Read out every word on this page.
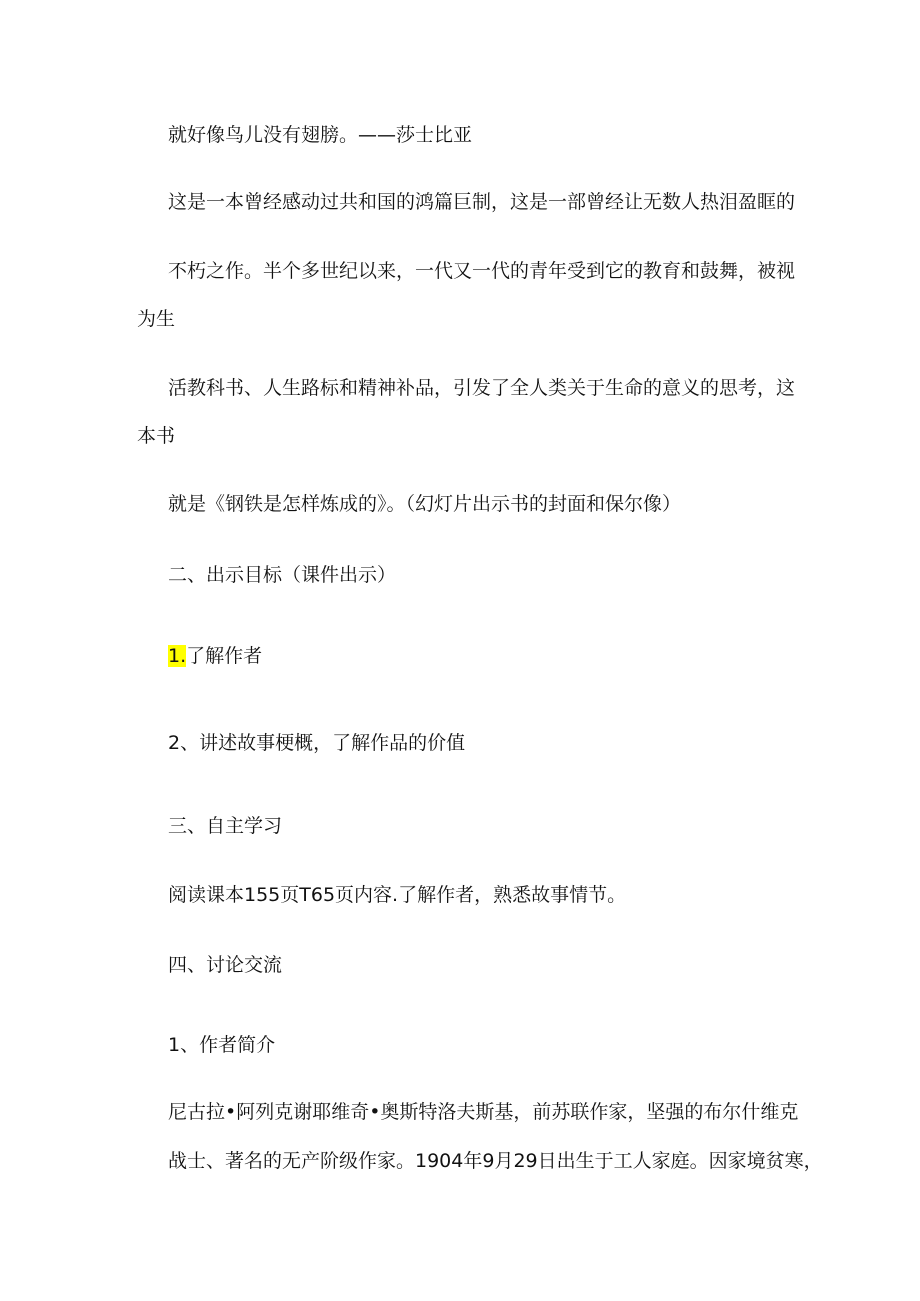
就好像鸟儿没有翅膀。——莎士比亚
这是一本曾经感动过共和国的鸿篇巨制，这是一部曾经让无数人热泪盈眶的
不朽之作。半个多世纪以来，一代又一代的青年受到它的教育和鼓舞，被视
为生
活教科书、人生路标和精神补品，引发了全人类关于生命的意义的思考，这
本书
就是《钢铁是怎样炼成的》。（幻灯片出示书的封面和保尔像）
二、出示目标（课件出示）
1.了解作者
2、讲述故事梗概，了解作品的价值
三、自主学习
阅读课本155页T65页内容.了解作者，熟悉故事情节。
四、讨论交流
1、作者简介
尼古拉•阿列克谢耶维奇•奥斯特洛夫斯基，前苏联作家，坚强的布尔什维克
战士、著名的无产阶级作家。1904年9月29日出生于工人家庭。因家境贫寒，
